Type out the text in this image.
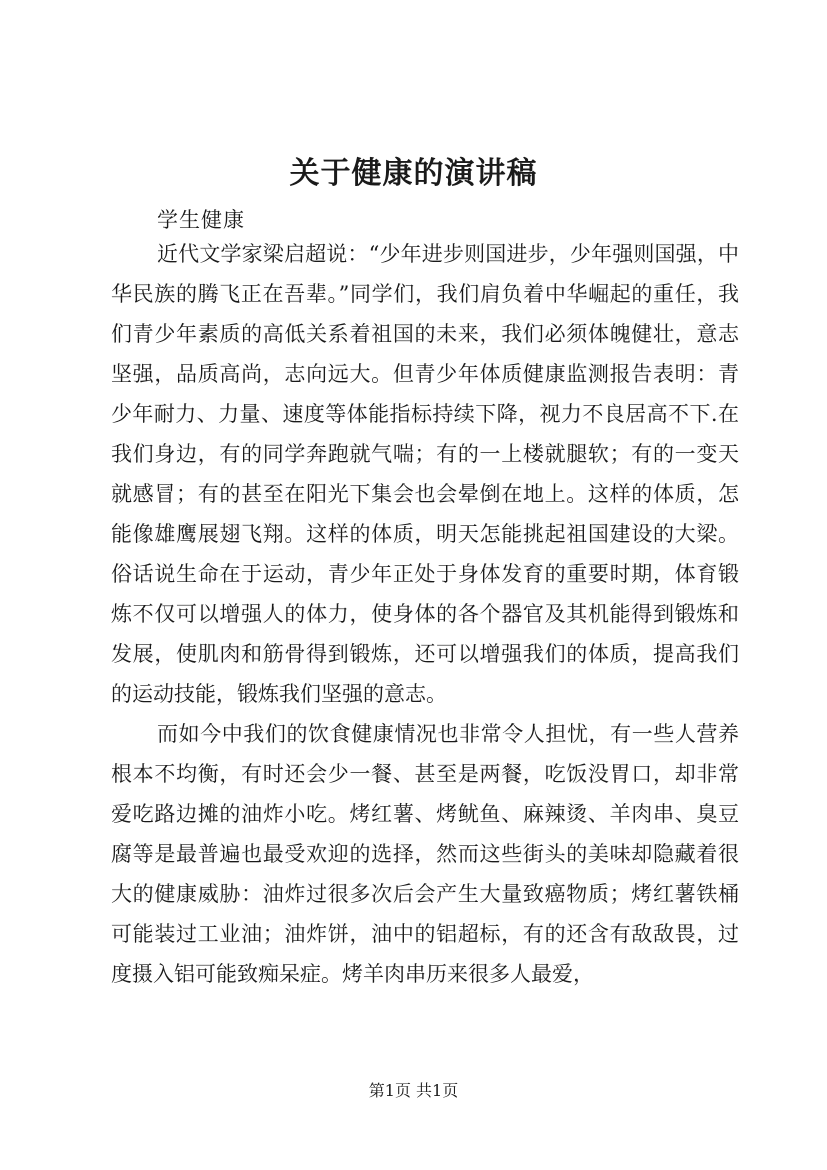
关于健康的演讲稿
学生健康

近代文学家梁启超说：“少年进步则国进步，少年强则国强，中华民族的腾飞正在吾辈。”同学们，我们肩负着中华崛起的重任，我们青少年素质的高低关系着祖国的未来，我们必须体魄健壮，意志坚强，品质高尚，志向远大。但青少年体质健康监测报告表明：青少年耐力、力量、速度等体能指标持续下降，视力不良居高不下.在我们身边，有的同学奔跑就气喘；有的一上楼就腿软；有的一变天就感冒；有的甚至在阳光下集会也会晕倒在地上。这样的体质，怎能像雄鹰展翅飞翔。这样的体质，明天怎能挑起祖国建设的大梁。俗话说生命在于运动，青少年正处于身体发育的重要时期，体育锻炼不仅可以增强人的体力，使身体的各个器官及其机能得到锻炼和发展，使肌肉和筋骨得到锻炼，还可以增强我们的体质，提高我们的运动技能，锻炼我们坚强的意志。

而如今中我们的饮食健康情况也非常令人担忧，有一些人营养根本不均衡，有时还会少一餐、甚至是两餐，吃饭没胃口，却非常爱吃路边摊的油炸小吃。烤红薯、烤鱿鱼、麻辣烫、羊肉串、臭豆腐等是最普遍也最受欢迎的选择，然而这些街头的美味却隐藏着很大的健康威胁：油炸过很多次后会产生大量致癌物质；烤红薯铁桶可能装过工业油；油炸饼，油中的铝超标，有的还含有敌敌畏，过度摄入铝可能致痴呆症。烤羊肉串历来很多人最爱，

第1页 共1页
